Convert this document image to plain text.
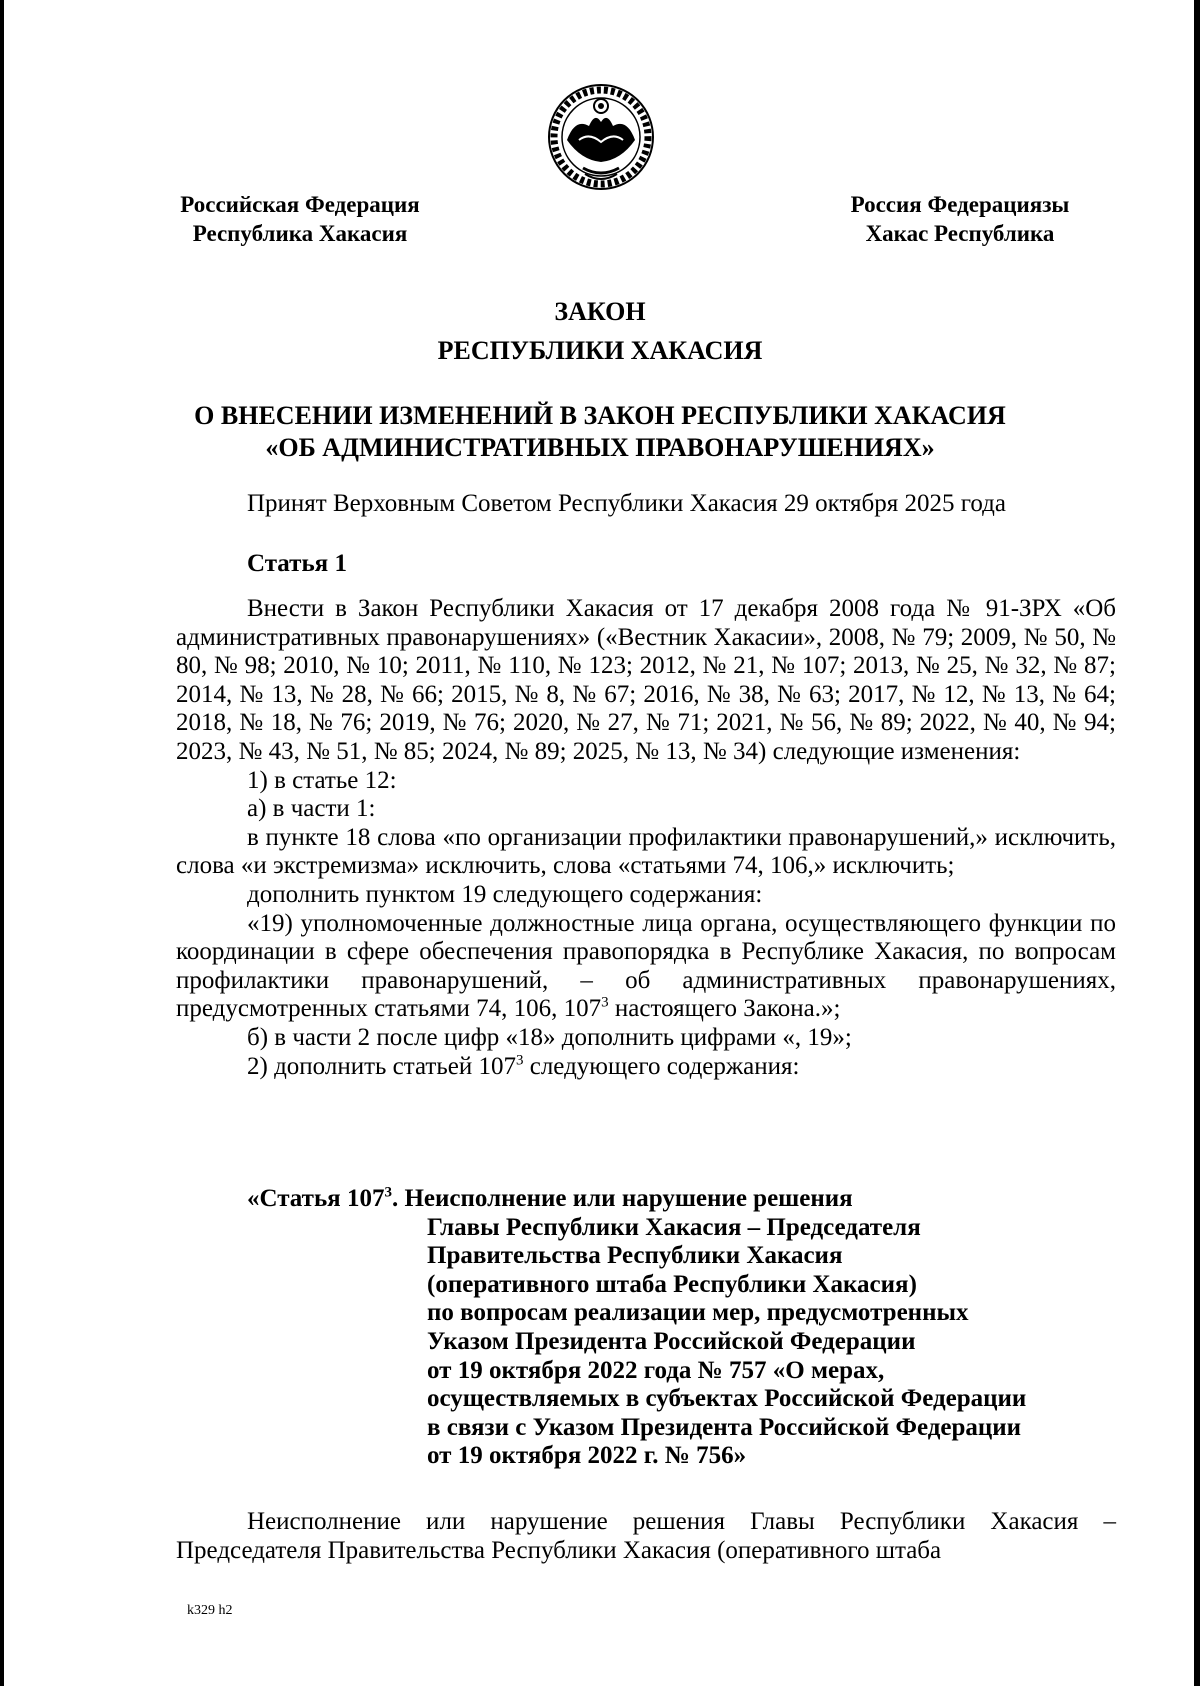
Российская Федерация
Республика Хакасия
Россия Федерациязы
Хакас Республика
ЗАКОН
РЕСПУБЛИКИ ХАКАСИЯ
О ВНЕСЕНИИ ИЗМЕНЕНИЙ В ЗАКОН РЕСПУБЛИКИ ХАКАСИЯ
«ОБ АДМИНИСТРАТИВНЫХ ПРАВОНАРУШЕНИЯХ»
Принят Верховным Советом Республики Хакасия 29 октября 2025 года
Статья 1

Внести в Закон Республики Хакасия от 17 декабря 2008 года № 91-ЗРХ «Об административных правонарушениях» («Вестник Хакасии», 2008, № 79; 2009, № 50, № 80, № 98; 2010, № 10; 2011, № 110, № 123; 2012, № 21, № 107; 2013, № 25, № 32, № 87; 2014, № 13, № 28, № 66; 2015, № 8, № 67; 2016, № 38, № 63; 2017, № 12, № 13, № 64; 2018, № 18, № 76; 2019, № 76; 2020, № 27, № 71; 2021, № 56, № 89; 2022, № 40, № 94; 2023, № 43, № 51, № 85; 2024, № 89; 2025, № 13, № 34) следующие изменения:

1) в статье 12:

а) в части 1:

в пункте 18 слова «по организации профилактики правонарушений,» исключить, слова «и экстремизма» исключить, слова «статьями 74, 106,» исключить;

дополнить пунктом 19 следующего содержания:

«19) уполномоченные должностные лица органа, осуществляющего функции по координации в сфере обеспечения правопорядка в Республике Хакасия, по вопросам профилактики правонарушений, – об административных правонарушениях, предусмотренных статьями 74, 106, $107^3$ настоящего Закона.»;

б) в части 2 после цифр «18» дополнить цифрами «, 19»;

2) дополнить статьей $107^3$ следующего содержания:

«Статья $107^3$. Неисполнение или нарушение решения
Главы Республики Хакасия – Председателя
Правительства Республики Хакасия
(оперативного штаба Республики Хакасия)
по вопросам реализации мер, предусмотренных
Указом Президента Российской Федерации
от 19 октября 2022 года № 757 «О мерах,
осуществляемых в субъектах Российской Федерации
в связи с Указом Президента Российской Федерации
от 19 октября 2022 г. № 756»

Неисполнение или нарушение решения Главы Республики Хакасия – Председателя Правительства Республики Хакасия (оперативного штаба

k329 h2
